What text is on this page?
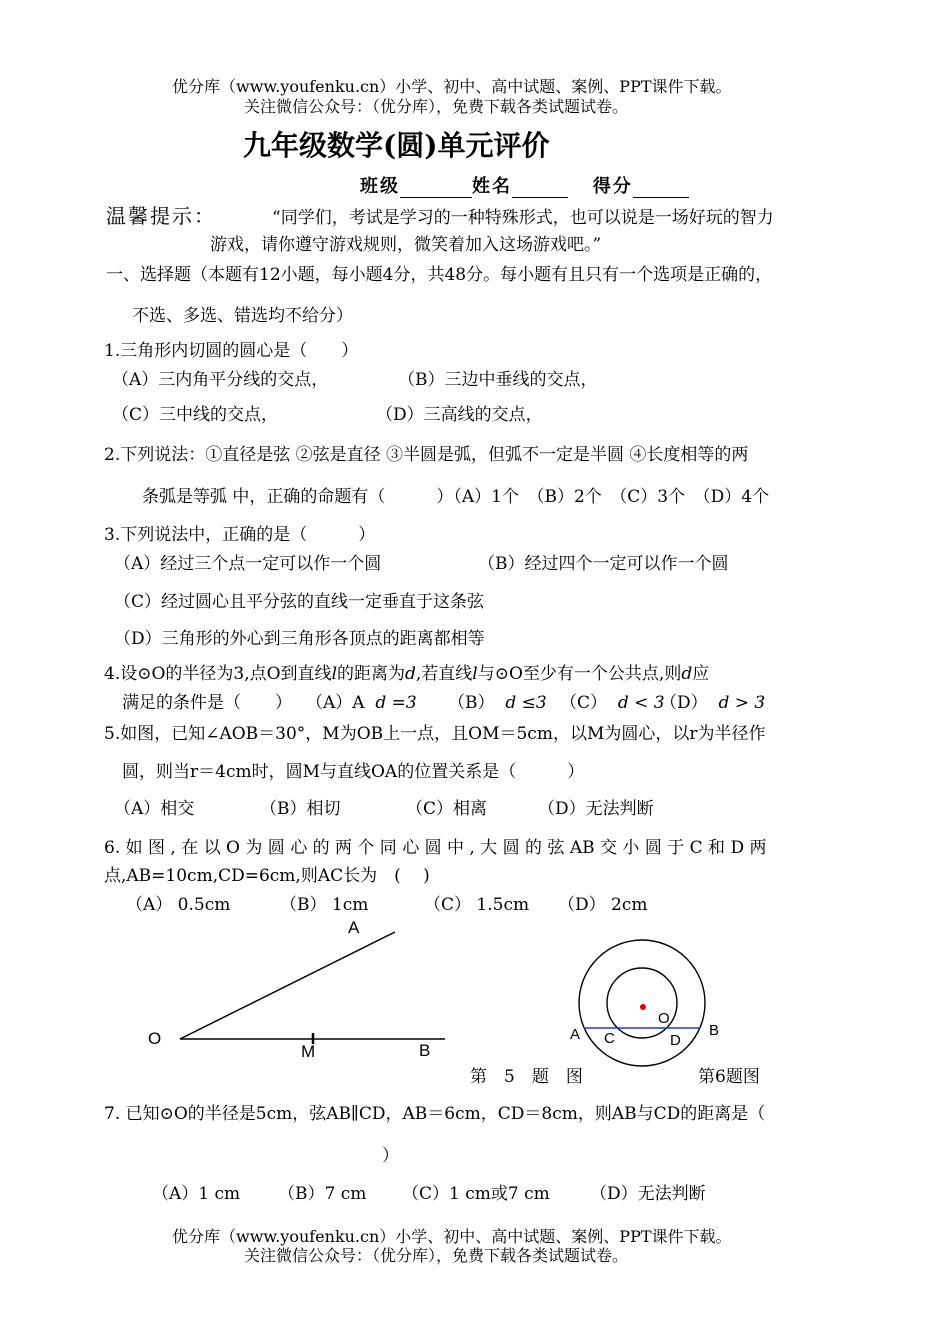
优分库（www.youfenku.cn）小学、初中、高中试题、案例、PPT课件下载。
关注微信公众号：（优分库），免费下载各类试题试卷。
九年级数学(圆)单元评价
班级	姓名	得分
温馨提示：	“同学们，考试是学习的一种特殊形式，也可以说是一场好玩的智力
游戏，请你遵守游戏规则，微笑着加入这场游戏吧。”
一、选择题（本题有12小题，每小题4分，共48分。每小题有且只有一个选项是正确的，
不选、多选、错选均不给分）
1.三角形内切圆的圆心是（　　）
（A）三内角平分线的交点，	（B）三边中垂线的交点，
（C）三中线的交点，	（D）三高线的交点，
2.下列说法：①直径是弦 ②弦是直径 ③半圆是弧，但弧不一定是半圆 ④长度相等的两
条弧是等弧 中，正确的命题有（　　　）（A）1个　（B）2个　（C）3个　（D）4个
3.下列说法中，正确的是（　　　）
（A）经过三个点一定可以作一个圆	（B）经过四个一定可以作一个圆
（C）经过圆心且平分弦的直线一定垂直于这条弦
（D）三角形的外心到三角形各顶点的距离都相等
4.设⊙O的半径为3,点O到直线l的距离为d,若直线l与⊙O至少有一个公共点,则d应
满足的条件是（　　） （A）A d =3 （B） d ≤3 （C） d < 3
（D） d > 3
5.如图，已知∠AOB＝30°，M为OB上一点，且OM＝5cm，以M为圆心，以r为半径作
圆，则当r＝4cm时，圆M与直线OA的位置关系是（　　　）
（A）相交	（B）相切	（C）相离	（D）无法判断
6. 如 图 , 在 以 O 为 圆 心 的 两 个 同 心 圆 中 , 大 圆 的 弦 AB 交 小 圆 于 C 和 D 两
点,AB=10cm,CD=6cm,则AC长为　(　 )
（A） 0.5cm	（B） 1cm	（C） 1.5cm （D） 2cm
A
O
M	B
第　5　题　图
O
A	B
C	D
第6题图
7. 已知⊙O的半径是5cm，弦AB∥CD，AB＝6cm，CD＝8cm，则AB与CD的距离是（
）
（A）1 cm （B）7 cm （C）1 cm或7 cm （D）无法判断
优分库（www.youfenku.cn）小学、初中、高中试题、案例、PPT课件下载。
关注微信公众号：（优分库），免费下载各类试题试卷。
